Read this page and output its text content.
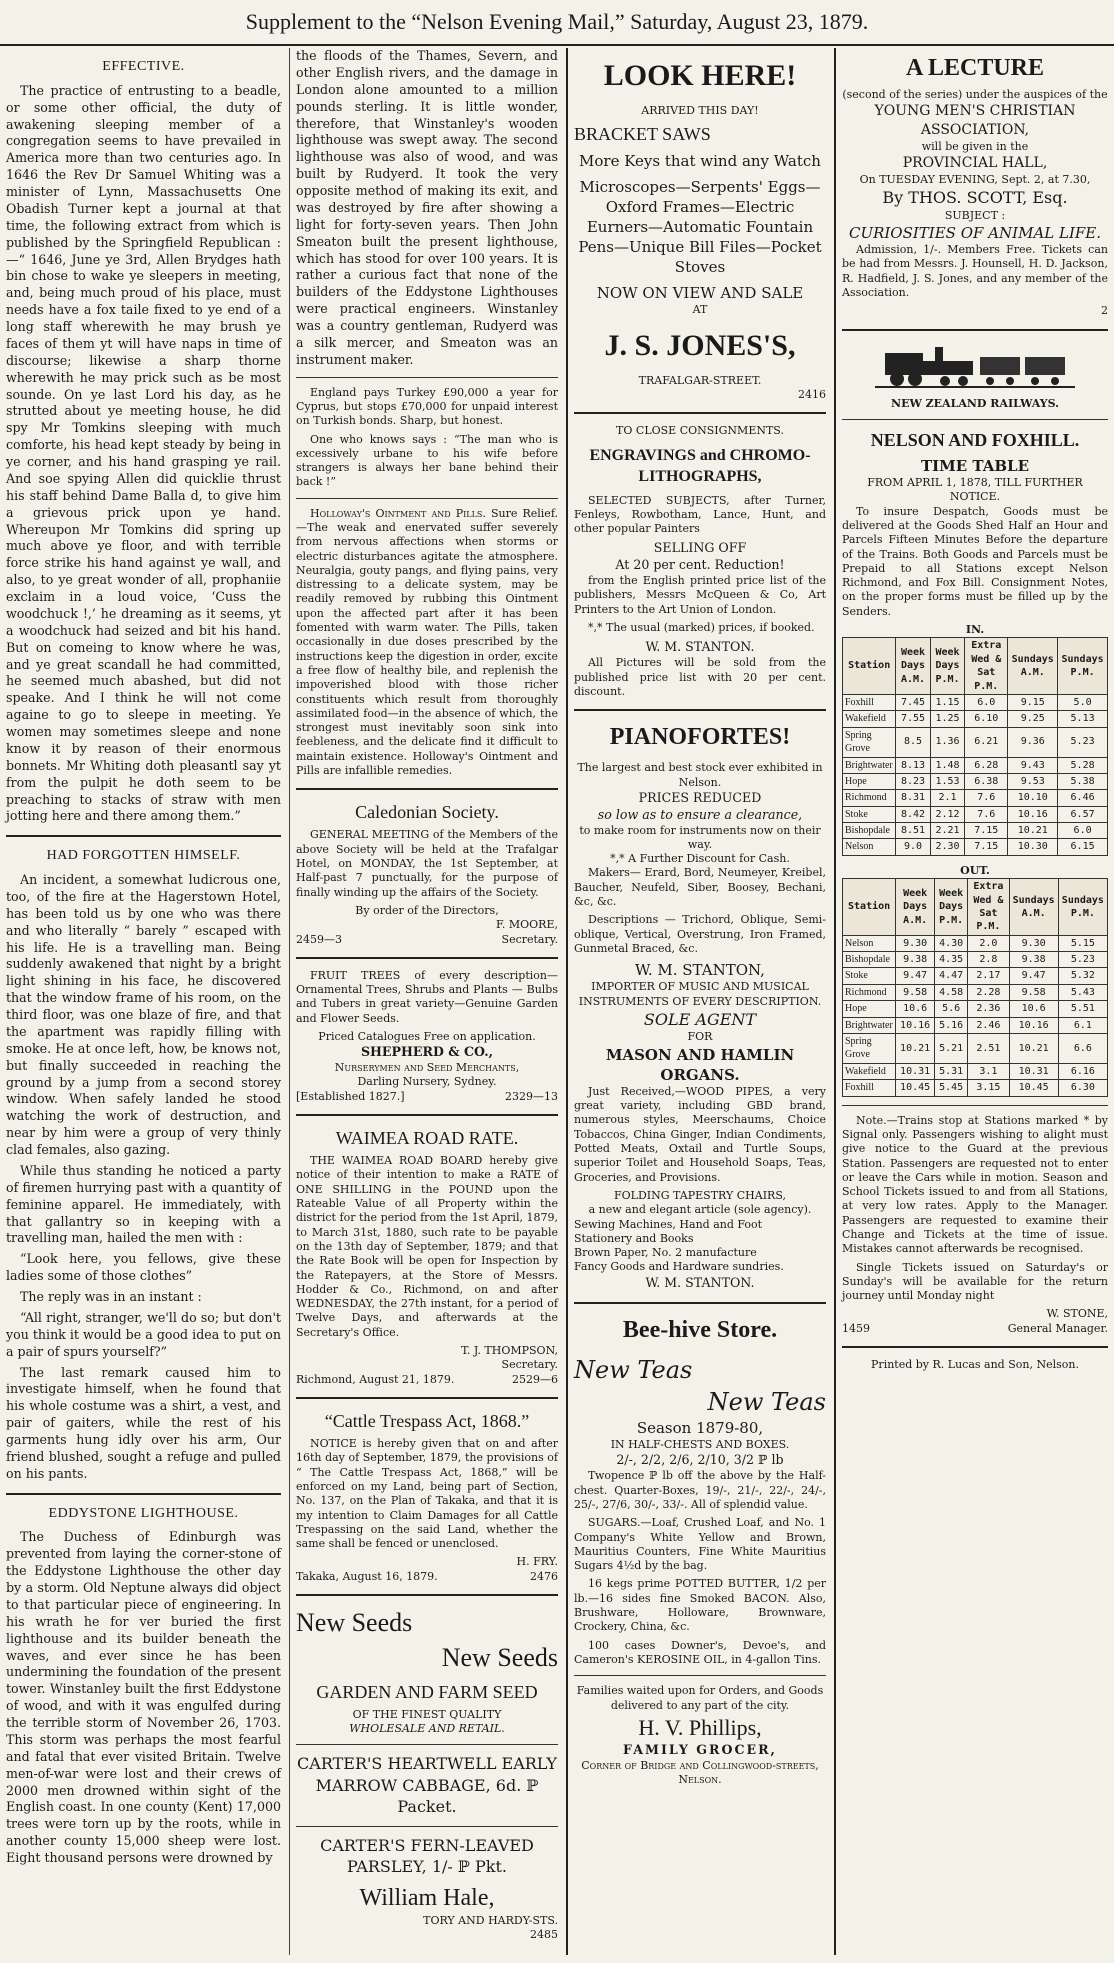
Supplement to the “Nelson Evening Mail,” Saturday, August 23, 1879.
EFFECTIVE.

The practice of entrusting to a beadle, or some other official, the duty of awakening sleeping member of a congregation seems to have prevailed in America more than two centuries ago. In 1646 the Rev Dr Samuel Whiting was a minister of Lynn, Massachusetts One Obadish Turner kept a journal at that time, the following extract from which is published by the Springfield Republican :—“ 1646, June ye 3rd, Allen Brydges hath bin chose to wake ye sleepers in meeting, and, being much proud of his place, must needs have a fox taile fixed to ye end of a long staff wherewith he may brush ye faces of them yt will have naps in time of discourse; likewise a sharp thorne wherewith he may prick such as be most sounde. On ye last Lord his day, as he strutted about ye meeting house, he did spy Mr Tomkins sleeping with much comforte, his head kept steady by being in ye corner, and his hand grasping ye rail. And soe spying Allen did quicklie thrust his staff behind Dame Balla d, to give him a grievous prick upon ye hand. Whereupon Mr Tomkins did spring up much above ye floor, and with terrible force strike his hand against ye wall, and also, to ye great wonder of all, prophaniie exclaim in a loud voice, ‘Cuss the woodchuck !,’ he dreaming as it seems, yt a woodchuck had seized and bit his hand. But on comeing to know where he was, and ye great scandall he had committed, he seemed much abashed, but did not speake. And I think he will not come againe to go to sleepe in meeting. Ye women may sometimes sleepe and none know it by reason of their enormous bonnets. Mr Whiting doth pleasantl say yt from the pulpit he doth seem to be preaching to stacks of straw with men jotting here and there among them.”

HAD FORGOTTEN HIMSELF.

An incident, a somewhat ludicrous one, too, of the fire at the Hagerstown Hotel, has been told us by one who was there and who literally “ barely ” escaped with his life. He is a travelling man. Being suddenly awakened that night by a bright light shining in his face, he discovered that the window frame of his room, on the third floor, was one blaze of fire, and that the apartment was rapidly filling with smoke. He at once left, how, be knows not, but finally succeeded in reaching the ground by a jump from a second storey window. When safely landed he stood watching the work of destruction, and near by him were a group of very thinly clad females, also gazing.

While thus standing he noticed a party of firemen hurrying past with a quantity of feminine apparel. He immediately, with that gallantry so in keeping with a travelling man, hailed the men with :

“Look here, you fellows, give these ladies some of those clothes”

The reply was in an instant :

“All right, stranger, we'll do so; but don't you think it would be a good idea to put on a pair of spurs yourself?”

The last remark caused him to investigate himself, when he found that his whole costume was a shirt, a vest, and pair of gaiters, while the rest of his garments hung idly over his arm, Our friend blushed, sought a refuge and pulled on his pants.

EDDYSTONE LIGHTHOUSE.

The Duchess of Edinburgh was prevented from laying the corner-stone of the Eddystone Lighthouse the other day by a storm. Old Neptune always did object to that particular piece of engineering. In his wrath he for ver buried the first lighthouse and its builder beneath the waves, and ever since he has been undermining the foundation of the present tower. Winstanley built the first Eddystone of wood, and with it was engulfed during the terrible storm of November 26, 1703. This storm was perhaps the most fearful and fatal that ever visited Britain. Twelve men-of-war were lost and their crews of 2000 men drowned within sight of the English coast. In one county (Kent) 17,000 trees were torn up by the roots, while in another county 15,000 sheep were lost. Eight thousand persons were drowned by

the floods of the Thames, Severn, and other English rivers, and the damage in London alone amounted to a million pounds sterling. It is little wonder, therefore, that Winstanley's wooden lighthouse was swept away. The second lighthouse was also of wood, and was built by Rudyerd. It took the very opposite method of making its exit, and was destroyed by fire after showing a light for forty-seven years. Then John Smeaton built the present lighthouse, which has stood for over 100 years. It is rather a curious fact that none of the builders of the Eddystone Lighthouses were practical engineers. Winstanley was a country gentleman, Rudyerd was a silk mercer, and Smeaton was an instrument maker.

England pays Turkey £90,000 a year for Cyprus, but stops £70,000 for unpaid interest on Turkish bonds. Sharp, but honest.

One who knows says : “The man who is excessively urbane to his wife before strangers is always her bane behind their back !”

Holloway's Ointment and Pills. Sure Relief.—The weak and enervated suffer severely from nervous affections when storms or electric disturbances agitate the atmosphere. Neuralgia, gouty pangs, and flying pains, very distressing to a delicate system, may be readily removed by rubbing this Ointment upon the affected part after it has been fomented with warm water. The Pills, taken occasionally in due doses prescribed by the instructions keep the digestion in order, excite a free flow of healthy bile, and replenish the impoverished blood with those richer constituents which result from thoroughly assimilated food—in the absence of which, the strongest must inevitably soon sink into feebleness, and the delicate find it difficult to maintain existence. Holloway's Ointment and Pills are infallible remedies.

Caledonian Society.

GENERAL MEETING of the Members of the above Society will be held at the Trafalgar Hotel, on MONDAY, the 1st September, at Half-past 7 punctually, for the purpose of finally winding up the affairs of the Society.

By order of the Directors,
F. MOORE,
2459—3	Secretary.

FRUIT TREES of every description—Ornamental Trees, Shrubs and Plants — Bulbs and Tubers in great variety—Genuine Garden and Flower Seeds.

Priced Catalogues Free on application.
SHEPHERD & CO.,
Nurserymen and Seed Merchants,
Darling Nursery, Sydney.
[Established 1827.]	2329—13
WAIMEA ROAD RATE.

THE WAIMEA ROAD BOARD hereby give notice of their intention to make a RATE of ONE SHILLING in the POUND upon the Rateable Value of all Property within the district for the period from the 1st April, 1879, to March 31st, 1880, such rate to be payable on the 13th day of September, 1879; and that the Rate Book will be open for Inspection by the Ratepayers, at the Store of Messrs. Hodder & Co., Richmond, on and after WEDNESDAY, the 27th instant, for a period of Twelve Days, and afterwards at the Secretary's Office.

T. J. THOMPSON,
Secretary.
Richmond, August 21, 1879.	2529—6
“Cattle Trespass Act, 1868.”

NOTICE is hereby given that on and after 16th day of September, 1879, the provisions of “ The Cattle Trespass Act, 1868,” will be enforced on my Land, being part of Section, No. 137, on the Plan of Takaka, and that it is my intention to Claim Damages for all Cattle Trespassing on the said Land, whether the same shall be fenced or unenclosed.

H. FRY.
Takaka, August 16, 1879.	2476
New Seeds
New Seeds
GARDEN AND FARM SEED
OF THE FINEST QUALITY
WHOLESALE AND RETAIL.
CARTER'S HEARTWELL EARLY MARROW CABBAGE, 6d. ℙ Packet.
CARTER'S FERN-LEAVED PARSLEY, 1/- ℙ Pkt.
William Hale,
TORY AND HARDY-STS.
2485
LOOK HERE!
ARRIVED THIS DAY!
BRACKET SAWS
More Keys that wind any Watch
Microscopes—Serpents' Eggs—Oxford Frames—Electric Eurners—Automatic Fountain Pens—Unique Bill Files—Pocket Stoves
NOW ON VIEW AND SALE
AT
J. S. JONES'S,
TRAFALGAR-STREET.
2416
TO CLOSE CONSIGNMENTS.
ENGRAVINGS and CHROMO-LITHOGRAPHS,

SELECTED SUBJECTS, after Turner, Fenleys, Rowbotham, Lance, Hunt, and other popular Painters

SELLING OFF
At 20 per cent. Reduction!

from the English printed price list of the publishers, Messrs McQueen & Co, Art Printers to the Art Union of London.

*,* The usual (marked) prices, if booked.

W. M. STANTON.

All Pictures will be sold from the published price list with 20 per cent. discount.

PIANOFORTES!
The largest and best stock ever exhibited in Nelson.
PRICES REDUCED
so low as to ensure a clearance,
to make room for instruments now on their way.
*,* A Further Discount for Cash.

Makers— Erard, Bord, Neumeyer, Kreibel, Baucher, Neufeld, Siber, Boosey, Bechani, &c, &c.

Descriptions — Trichord, Oblique, Semi-oblique, Vertical, Overstrung, Iron Framed, Gunmetal Braced, &c.

W. M. STANTON,
IMPORTER OF MUSIC AND MUSICAL INSTRUMENTS OF EVERY DESCRIPTION.
SOLE AGENT
FOR
MASON AND HAMLIN ORGANS.

Just Received,—WOOD PIPES, a very great variety, including GBD brand, numerous styles, Meerschaums, Choice Tobaccos, China Ginger, Indian Condiments, Potted Meats, Oxtail and Turtle Soups, superior Toilet and Household Soaps, Teas, Groceries, and Provisions.

FOLDING TAPESTRY CHAIRS,
a new and elegant article (sole agency).
Sewing Machines, Hand and Foot
Stationery and Books
Brown Paper, No. 2 manufacture
Fancy Goods and Hardware sundries.
W. M. STANTON.
Bee-hive Store.
New Teas
New Teas
Season 1879-80,
IN HALF-CHESTS AND BOXES.
2/-, 2/2, 2/6, 2/10, 3/2 ℙ lb

Twopence ℙ lb off the above by the Half-chest. Quarter-Boxes, 19/-, 21/-, 22/-, 24/-, 25/-, 27/6, 30/-, 33/-. All of splendid value.

SUGARS.—Loaf, Crushed Loaf, and No. 1 Company's White Yellow and Brown, Mauritius Counters, Fine White Mauritius Sugars 4½d by the bag.

16 kegs prime POTTED BUTTER, 1/2 per lb.—16 sides fine Smoked BACON. Also, Brushware, Holloware, Brownware, Crockery, China, &c.

100 cases Downer's, Devoe's, and Cameron's KEROSINE OIL, in 4-gallon Tins.

Families waited upon for Orders, and Goods delivered to any part of the city.
H. V. Phillips,
FAMILY GROCER,
Corner of Bridge and Collingwood-streets, Nelson.
A LECTURE
(second of the series) under the auspices of the
YOUNG MEN'S CHRISTIAN ASSOCIATION,
will be given in the
PROVINCIAL HALL,
On TUESDAY EVENING, Sept. 2, at 7.30,
By THOS. SCOTT, Esq.
SUBJECT :
CURIOSITIES OF ANIMAL LIFE.

Admission, 1/-. Members Free. Tickets can be had from Messrs. J. Hounsell, H. D. Jackson, R. Hadfield, J. S. Jones, and any member of the Association.

2
NEW ZEALAND RAILWAYS.
NELSON AND FOXHILL.
TIME TABLE
FROM APRIL 1, 1878, TILL FURTHER NOTICE.

To insure Despatch, Goods must be delivered at the Goods Shed Half an Hour and Parcels Fifteen Minutes Before the departure of the Trains. Both Goods and Parcels must be Prepaid to all Stations except Nelson Richmond, and Fox Bill. Consignment Notes, on the proper forms must be filled up by the Senders.

IN.
Station	Week Days A.M.	Week Days P.M.	Extra Wed & Sat P.M.	Sundays A.M.	Sundays P.M.
Foxhill	7.45	1.15	6.0	9.15	5.0
Wakefield	7.55	1.25	6.10	9.25	5.13
Spring Grove	8.5	1.36	6.21	9.36	5.23
Brightwater	8.13	1.48	6.28	9.43	5.28
Hope	8.23	1.53	6.38	9.53	5.38
Richmond	8.31	2.1	7.6	10.10	6.46
Stoke	8.42	2.12	7.6	10.16	6.57
Bishopdale	8.51	2.21	7.15	10.21	6.0
Nelson	9.0	2.30	7.15	10.30	6.15
OUT.
Station	Week Days A.M.	Week Days P.M.	Extra Wed & Sat P.M.	Sundays A.M.	Sundays P.M.
Nelson	9.30	4.30	2.0	9.30	5.15
Bishopdale	9.38	4.35	2.8	9.38	5.23
Stoke	9.47	4.47	2.17	9.47	5.32
Richmond	9.58	4.58	2.28	9.58	5.43
Hope	10.6	5.6	2.36	10.6	5.51
Brightwater	10.16	5.16	2.46	10.16	6.1
Spring Grove	10.21	5.21	2.51	10.21	6.6
Wakefield	10.31	5.31	3.1	10.31	6.16
Foxhill	10.45	5.45	3.15	10.45	6.30

Note.—Trains stop at Stations marked * by Signal only. Passengers wishing to alight must give notice to the Guard at the previous Station. Passengers are requested not to enter or leave the Cars while in motion. Season and School Tickets issued to and from all Stations, at very low rates. Apply to the Manager. Passengers are requested to examine their Change and Tickets at the time of issue. Mistakes cannot afterwards be recognised.

Single Tickets issued on Saturday's or Sunday's will be available for the return journey until Monday night

W. STONE,
1459	General Manager.
Printed by R. Lucas and Son, Nelson.
